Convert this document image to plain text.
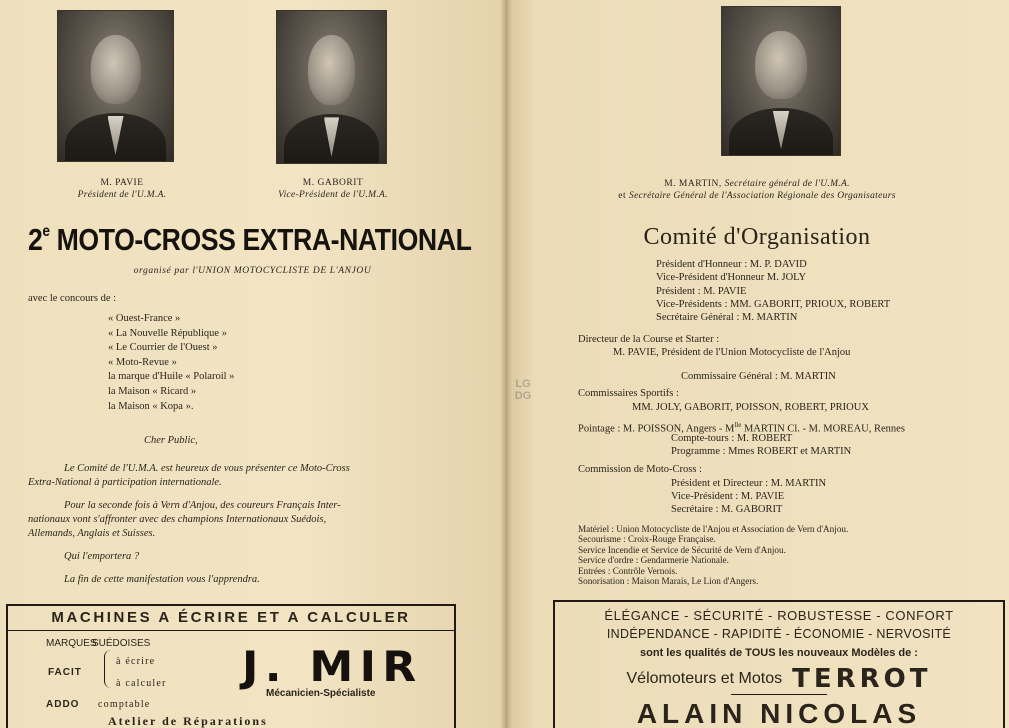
M. PAVIE
Président de l'U.M.A.
M. GABORIT
Vice-Président de l'U.M.A.
2e MOTO-CROSS EXTRA-NATIONAL
organisé par l'UNION MOTOCYCLISTE DE L'ANJOU
avec le concours de :
« Ouest-France »
« La Nouvelle République »
« Le Courrier de l'Ouest »
« Moto-Revue »
la marque d'Huile « Polaroil »
la Maison « Ricard »
la Maison « Kopa ».
Cher Public,
Le Comité de l'U.M.A. est heureux de vous présenter ce Moto-Cross
Extra-National à participation internationale.
Pour la seconde fois à Vern d'Anjou, des coureurs Français Inter-
nationaux vont s'affronter avec des champions Internationaux Suédois,
Allemands, Anglais et Suisses.
Qui l'emportera ?
La fin de cette manifestation vous l'apprendra.
MACHINES A ÉCRIRE ET A CALCULER
MARQUES
SUÉDOISES
FACIT
à écrire
à calculer
ADDO comptable
J. MIR
Mécanicien-Spécialiste
Atelier de Réparations
M. MARTIN, Secrétaire général de l'U.M.A.
et Secrétaire Général de l'Association Régionale des Organisateurs
Comité d'Organisation
Président d'Honneur : M. P. DAVID
Vice-Président d'Honneur M. JOLY
Président : M. PAVIE
Vice-Présidents : MM. GABORIT, PRIOUX, ROBERT
Secrétaire Général : M. MARTIN
Directeur de la Course et Starter :
M. PAVIE, Président de l'Union Motocycliste de l'Anjou
Commissaire Général : M. MARTIN
Commissaires Sportifs :
MM. JOLY, GABORIT, POISSON, ROBERT, PRIOUX
Pointage : M. POISSON, Angers - $M^{lle}$ MARTIN Cl. - M. MOREAU, Rennes
Compte-tours : M. ROBERT
Programme : Mmes ROBERT et MARTIN
Commission de Moto-Cross :
Président et Directeur : M. MARTIN
Vice-Président : M. PAVIE
Secrétaire : M. GABORIT
Matériel : Union Motocycliste de l'Anjou et Association de Vern d'Anjou.
Secourisme : Croix-Rouge Française.
Service Incendie et Service de Sécurité de Vern d'Anjou.
Service d'ordre : Gendarmerie Nationale.
Entrées : Contrôle Vernois.
Sonorisation : Maison Marais, Le Lion d'Angers.
ÉLÉGANCE - SÉCURITÉ - ROBUSTESSE - CONFORT
INDÉPENDANCE - RAPIDITÉ - ÉCONOMIE - NERVOSITÉ
sont les qualités de TOUS les nouveaux Modèles de :
Vélomoteurs et Motos TERROT
ALAIN NICOLAS
LG
DG
